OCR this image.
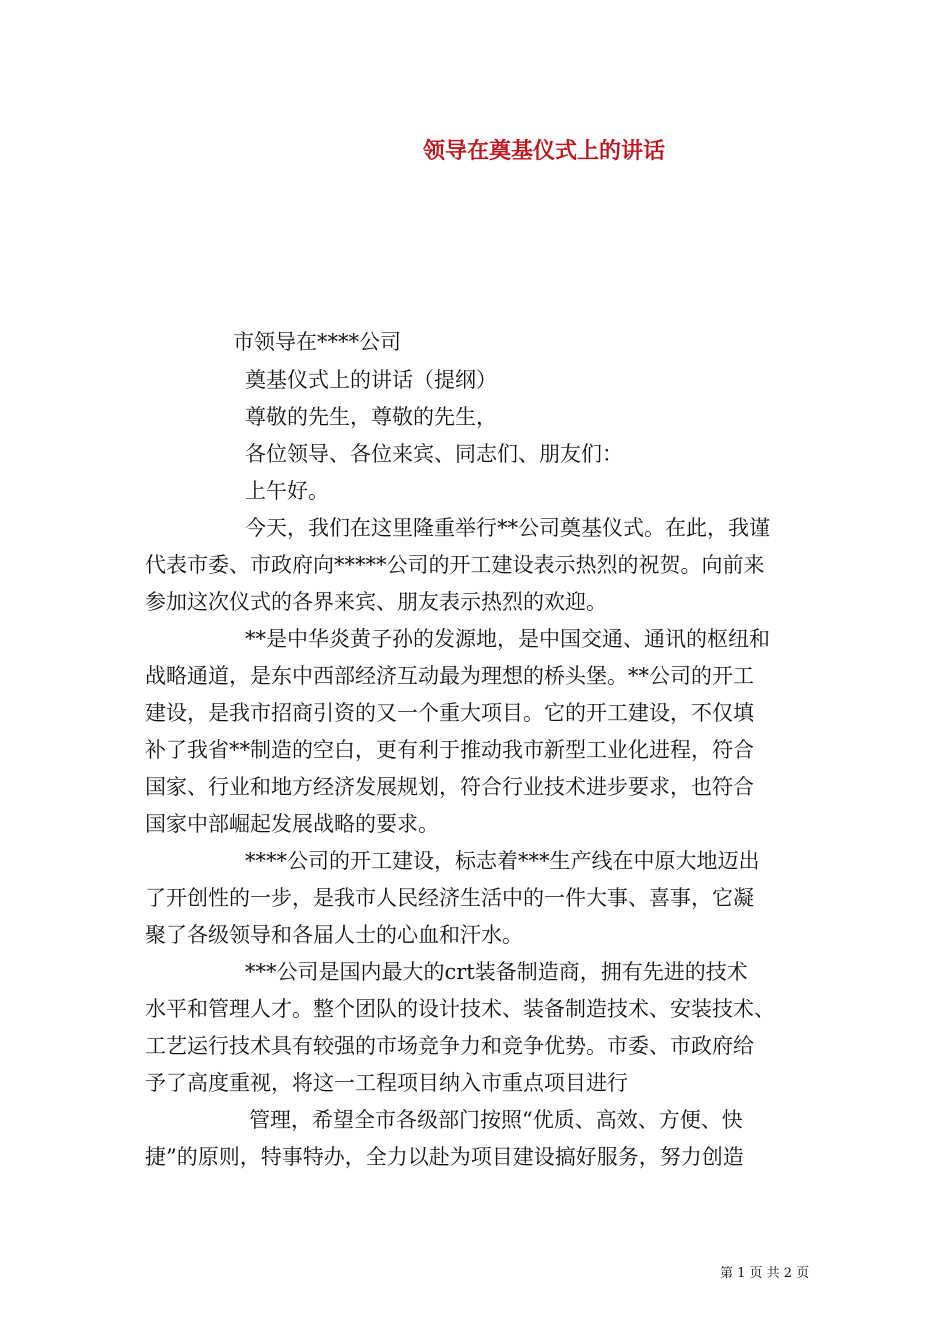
领导在奠基仪式上的讲话
市领导在****公司
奠基仪式上的讲话（提纲）
尊敬的先生，尊敬的先生，
各位领导、各位来宾、同志们、朋友们：
上午好。
今天，我们在这里隆重举行**公司奠基仪式。在此，我谨
代表市委、市政府向*****公司的开工建设表示热烈的祝贺。向前来
参加这次仪式的各界来宾、朋友表示热烈的欢迎。
**是中华炎黄子孙的发源地，是中国交通、通讯的枢纽和
战略通道，是东中西部经济互动最为理想的桥头堡。**公司的开工
建设，是我市招商引资的又一个重大项目。它的开工建设，不仅填
补了我省**制造的空白，更有利于推动我市新型工业化进程，符合
国家、行业和地方经济发展规划，符合行业技术进步要求，也符合
国家中部崛起发展战略的要求。
****公司的开工建设，标志着***生产线在中原大地迈出
了开创性的一步，是我市人民经济生活中的一件大事、喜事，它凝
聚了各级领导和各届人士的心血和汗水。
***公司是国内最大的crt装备制造商，拥有先进的技术
水平和管理人才。整个团队的设计技术、装备制造技术、安装技术、
工艺运行技术具有较强的市场竞争力和竞争优势。市委、市政府给
予了高度重视，将这一工程项目纳入市重点项目进行
管理，希望全市各级部门按照“优质、高效、方便、快
捷”的原则，特事特办，全力以赴为项目建设搞好服务，努力创造
第 1 页 共 2 页
